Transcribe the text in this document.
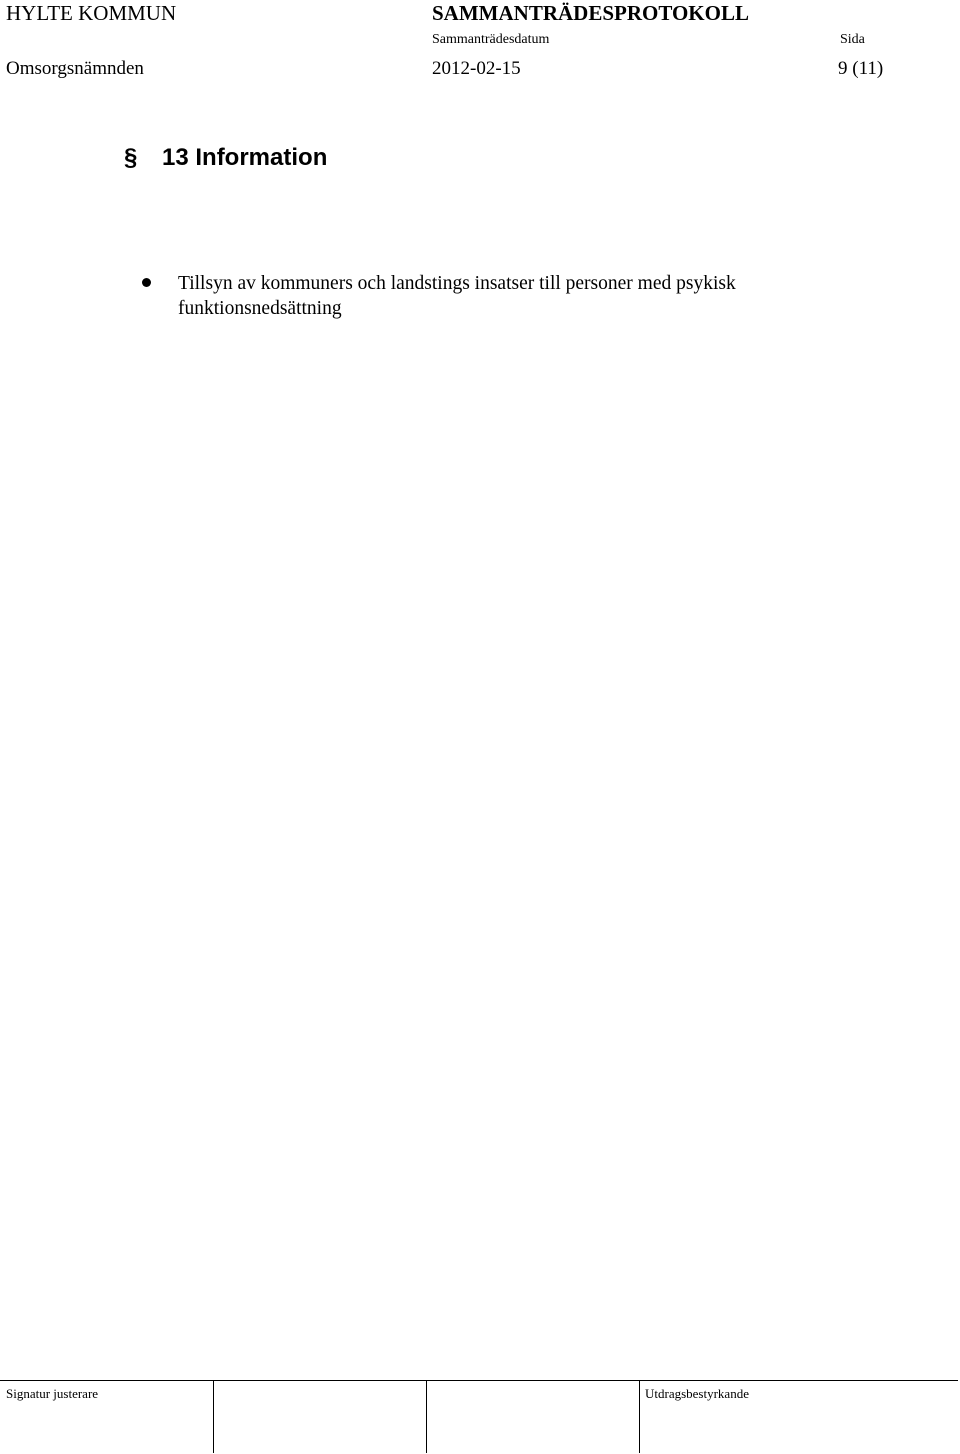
HYLTE KOMMUN	SAMMANTRÄDESPROTOKOLL
Sammanträdesdatum	Sida
Omsorgsnämnden	2012-02-15	9 (11)
§ 13 Information
Tillsyn av kommuners och landstings insatser till personer med psykisk funktionsnedsättning
Signatur justerare	Utdragsbestyrkande
